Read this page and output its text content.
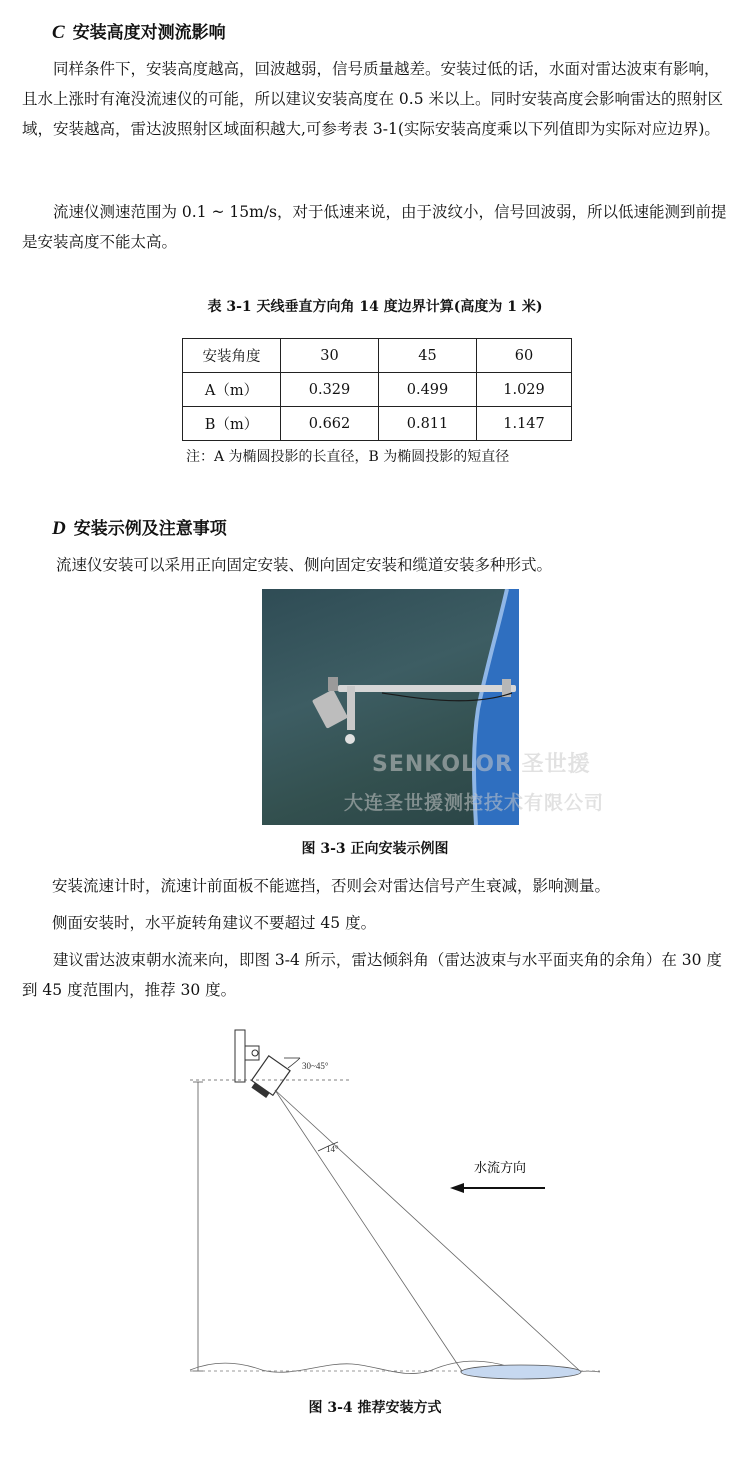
C 安装高度对测流影响
同样条件下，安装高度越高，回波越弱，信号质量越差。安装过低的话，水面对雷达波束有影响，且水上涨时有淹没流速仪的可能，所以建议安装高度在 0.5 米以上。同时安装高度会影响雷达的照射区域，安装越高，雷达波照射区域面积越大,可参考表 3-1(实际安装高度乘以下列值即为实际对应边界)。
流速仪测速范围为 0.1 ~ 15m/s，对于低速来说，由于波纹小，信号回波弱，所以低速能测到前提是安装高度不能太高。
表 3-1 天线垂直方向角 14 度边界计算(高度为 1 米)
安装角度	30	45	60
A（m）	0.329	0.499	1.029
B（m）	0.662	0.811	1.147
注：A 为椭圆投影的长直径，B 为椭圆投影的短直径
D 安装示例及注意事项
流速仪安装可以采用正向固定安装、侧向固定安装和缆道安装多种形式。
SENKOLOR 圣世援
大连圣世援测控技术有限公司
图 3-3 正向安装示例图
安装流速计时，流速计前面板不能遮挡，否则会对雷达信号产生衰减，影响测量。
侧面安装时，水平旋转角建议不要超过 45 度。
建议雷达波束朝水流来向，即图 3-4 所示，雷达倾斜角（雷达波束与水平面夹角的余角）在 30 度到 45 度范围内，推荐 30 度。
30~45°
14°
水流方向
图 3-4 推荐安装方式
